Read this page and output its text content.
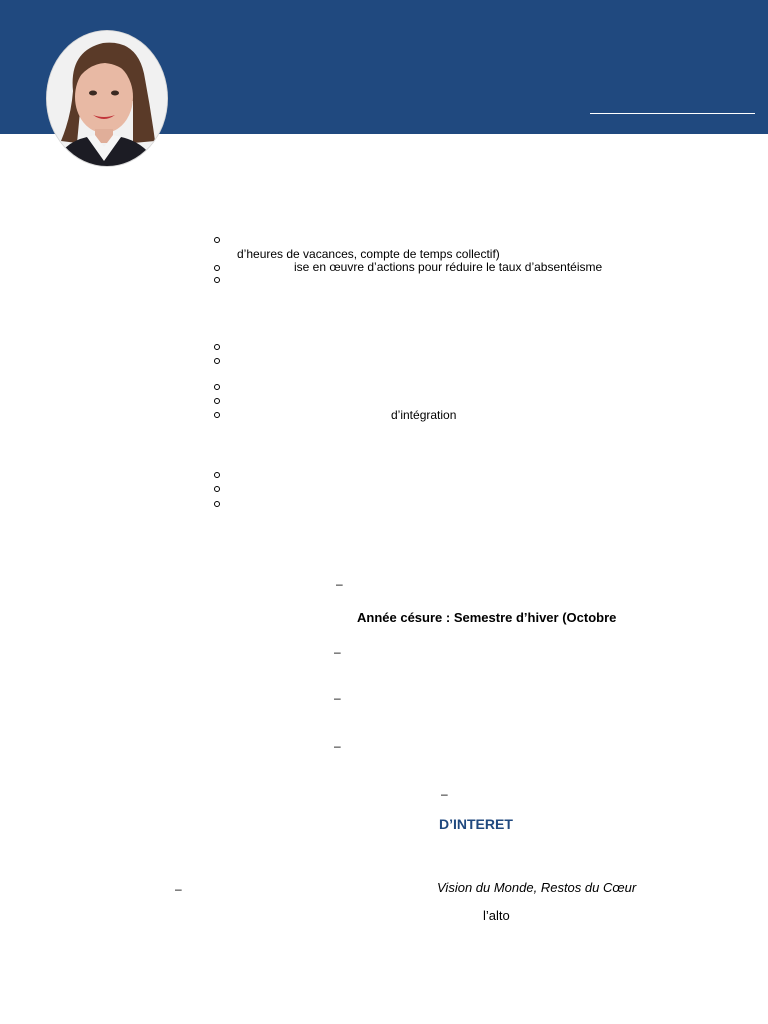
d’heures de vacances, compte de temps collectif)
ise en œuvre d’actions pour réduire le taux d’absentéisme
d’intégration
–
Année césure : Semestre d’hiver (Octobre
–
–
–
–
D’INTERET
–	Vision du Monde, Restos du Cœur
l’alto
